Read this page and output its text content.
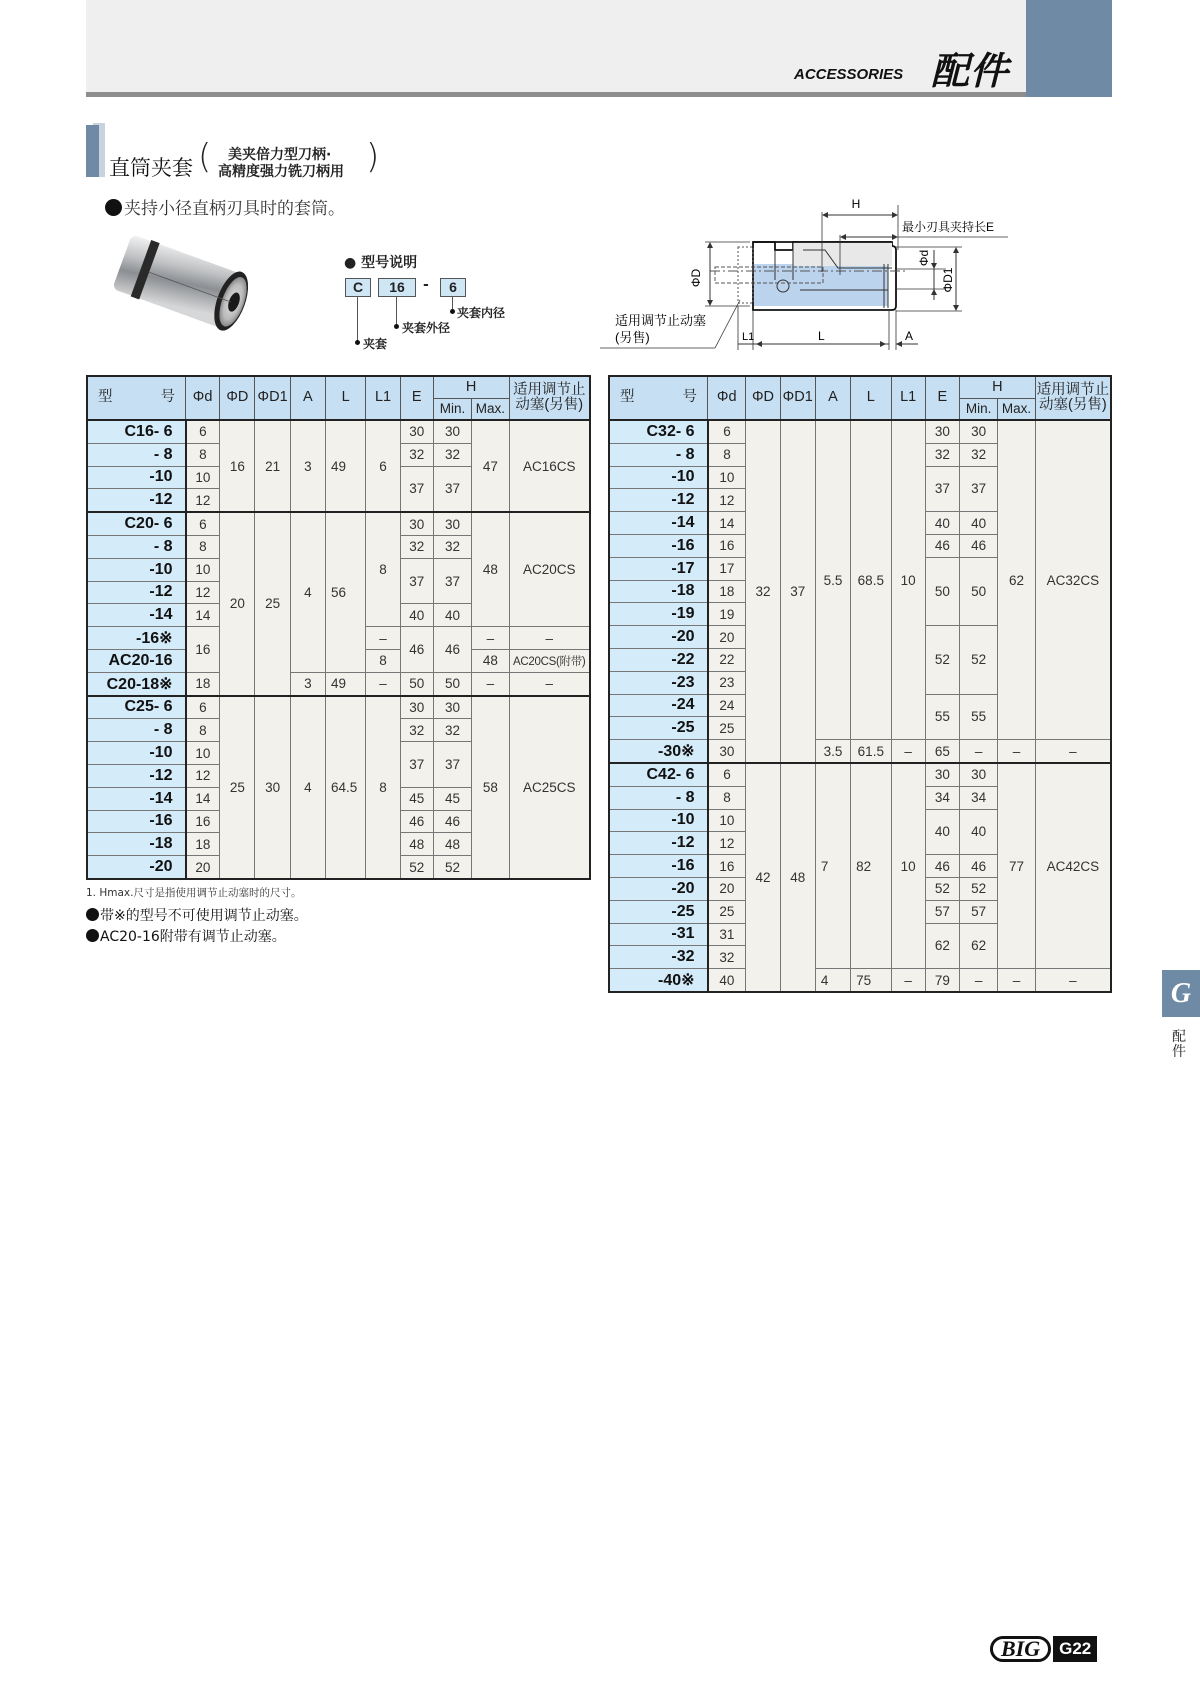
ACCESSORIES 配件
直筒夹套 ( 美夹倍力型刀柄·
高精度强力铣刀柄用 )
夹持小径直柄刃具时的套筒。
● 型号说明
C	16	-	6
夹套内径
夹套外径
夹套
ΦD
H
最小刃具夹持长E
Φd
ΦD1
L1	L	A
适用调节止动塞
(另售)
型 号	Φd	ΦD	ΦD1	A	L	L1	E	H		适用调节止
动塞(另售)
								Min.	Max.	
C16- 6	6	16	21	3	49	6	30	30	47	AC16CS
- 8	8						32	32		
-10	10						37	37		
-12	12									
C20- 6	6	20	25	4	56	8	30	30	48	AC20CS
- 8	8						32	32		
-10	10						37	37		
-12	12									
-14	14						40	40		
-16※	16					–	46	46	–	–
AC20-16						8			48	AC20CS(附带)
C20-18※	18			3	49	–	50	50	–	–
C25- 6	6	25	30	4	64.5	8	30	30	58	AC25CS
- 8	8						32	32		
-10	10						37	37		
-12	12									
-14	14						45	45		
-16	16						46	46		
-18	18						48	48		
-20	20						52	52		
型 号	Φd	ΦD	ΦD1	A	L	L1	E	H		适用调节止
动塞(另售)
								Min.	Max.	
C32- 6	6	32	37	5.5	68.5	10	30	30	62	AC32CS
- 8	8						32	32		
-10	10						37	37		
-12	12									
-14	14						40	40		
-16	16						46	46		
-17	17						50	50		
-18	18									
-19	19									
-20	20						52	52		
-22	22									
-23	23									
-24	24						55	55		
-25	25									
-30※	30			3.5	61.5	–	65	–	–	–
C42- 6	6	42	48	7	82	10	30	30	77	AC42CS
- 8	8						34	34		
-10	10						40	40		
-12	12									
-16	16						46	46		
-20	20						52	52		
-25	25						57	57		
-31	31						62	62		
-32	32									
-40※	40			4	75	–	79	–	–	–
1. Hmax.尺寸是指使用调节止动塞时的尺寸。
带※的型号不可使用调节止动塞。
AC20-16附带有调节止动塞。
G
配件
BIG G22
